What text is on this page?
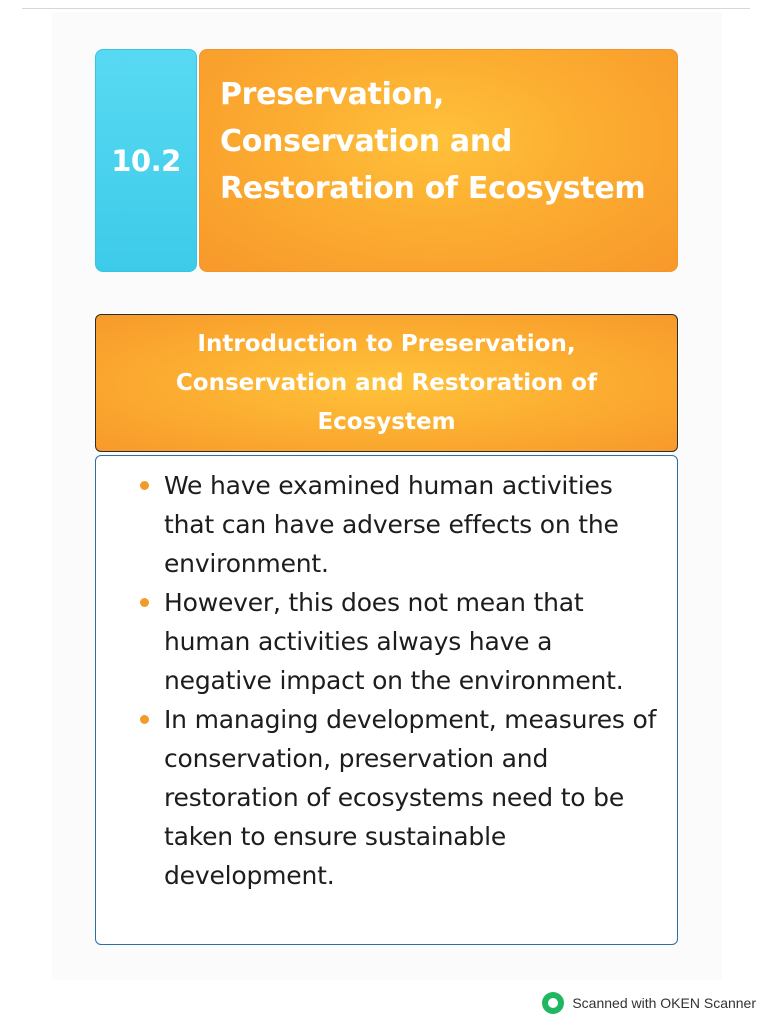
10.2
Preservation, Conservation and Restoration of Ecosystem
Introduction to Preservation, Conservation and Restoration of Ecosystem
We have examined human activities that can have adverse effects on the environment.
However, this does not mean that human activities always have a negative impact on the environment.
In managing development, measures of conservation, preservation and restoration of ecosystems need to be taken to ensure sustainable development.
Scanned with OKEN Scanner
